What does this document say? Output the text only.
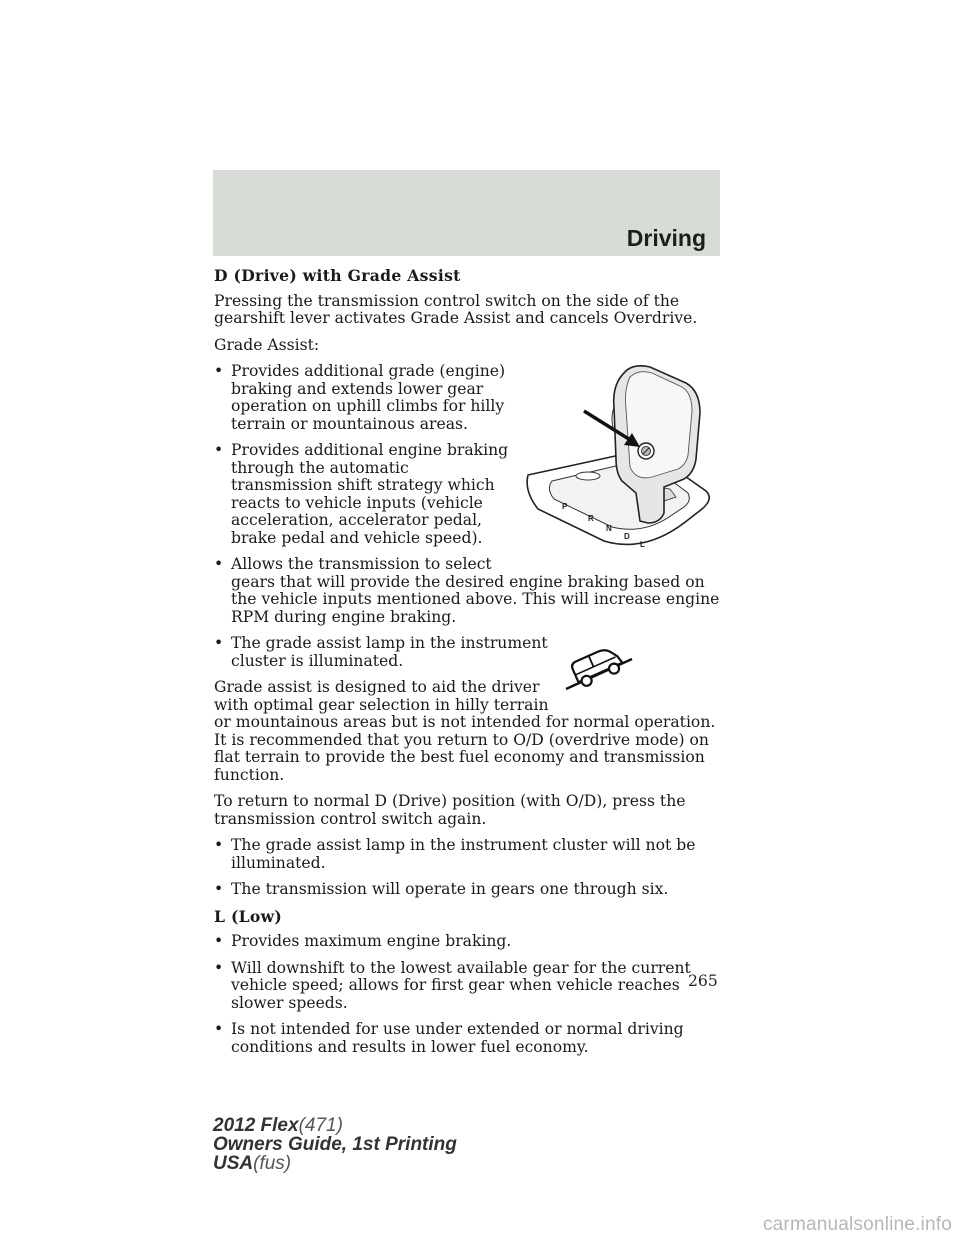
Driving
D (Drive) with Grade Assist

Pressing the transmission control switch on the side of the gearshift lever activates Grade Assist and cancels Overdrive.

Grade Assist:

P
R
N
D
L
• Provides additional grade (engine) braking and extends lower gear operation on uphill climbs for hilly terrain or mountainous areas.
• Provides additional engine braking through the automatic transmission shift strategy which reacts to vehicle inputs (vehicle acceleration, accelerator pedal, brake pedal and vehicle speed).
• Allows the transmission to select gears that will provide the desired engine braking based on the vehicle inputs mentioned above. This will increase engine RPM during engine braking.
• The grade assist lamp in the instrument cluster is illuminated.

Grade assist is designed to aid the driver with optimal gear selection in hilly terrain or mountainous areas but is not intended for normal operation. It is recommended that you return to O/D (overdrive mode) on flat terrain to provide the best fuel economy and transmission function.

To return to normal D (Drive) position (with O/D), press the transmission control switch again.

• The grade assist lamp in the instrument cluster will not be illuminated.
• The transmission will operate in gears one through six.
L (Low)
• Provides maximum engine braking.
• Will downshift to the lowest available gear for the current vehicle speed; allows for first gear when vehicle reaches slower speeds.
• Is not intended for use under extended or normal driving conditions and results in lower fuel economy.
265
2012 Flex(471)
Owners Guide, 1st Printing
USA(fus)
carmanualsonline.info
